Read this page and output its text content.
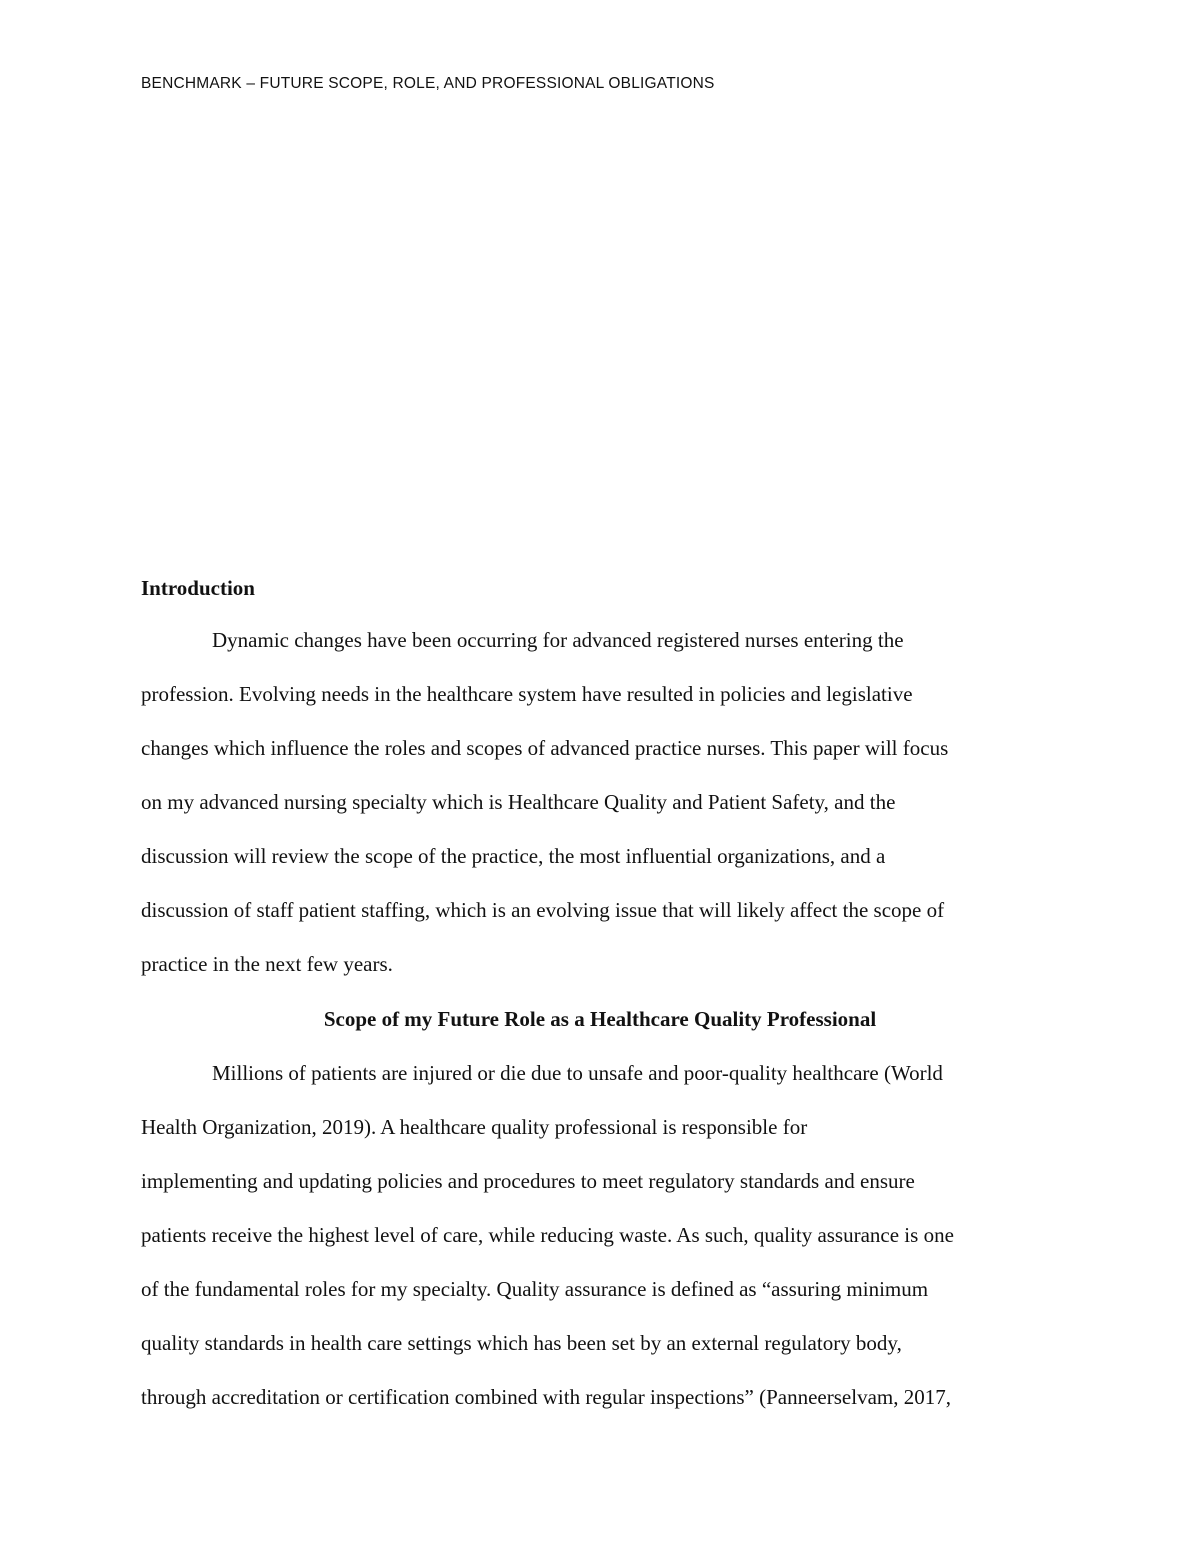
BENCHMARK – FUTURE SCOPE, ROLE, AND PROFESSIONAL OBLIGATIONS
Introduction
Dynamic changes have been occurring for advanced registered nurses entering the
profession. Evolving needs in the healthcare system have resulted in policies and legislative
changes which influence the roles and scopes of advanced practice nurses. This paper will focus
on my advanced nursing specialty which is Healthcare Quality and Patient Safety, and the
discussion will review the scope of the practice, the most influential organizations, and a
discussion of staff patient staffing, which is an evolving issue that will likely affect the scope of
practice in the next few years.
Scope of my Future Role as a Healthcare Quality Professional
Millions of patients are injured or die due to unsafe and poor-quality healthcare (World
Health Organization, 2019). A healthcare quality professional is responsible for
implementing and updating policies and procedures to meet regulatory standards and ensure
patients receive the highest level of care, while reducing waste. As such, quality assurance is one
of the fundamental roles for my specialty. Quality assurance is defined as “assuring minimum
quality standards in health care settings which has been set by an external regulatory body,
through accreditation or certification combined with regular inspections” (Panneerselvam, 2017,
